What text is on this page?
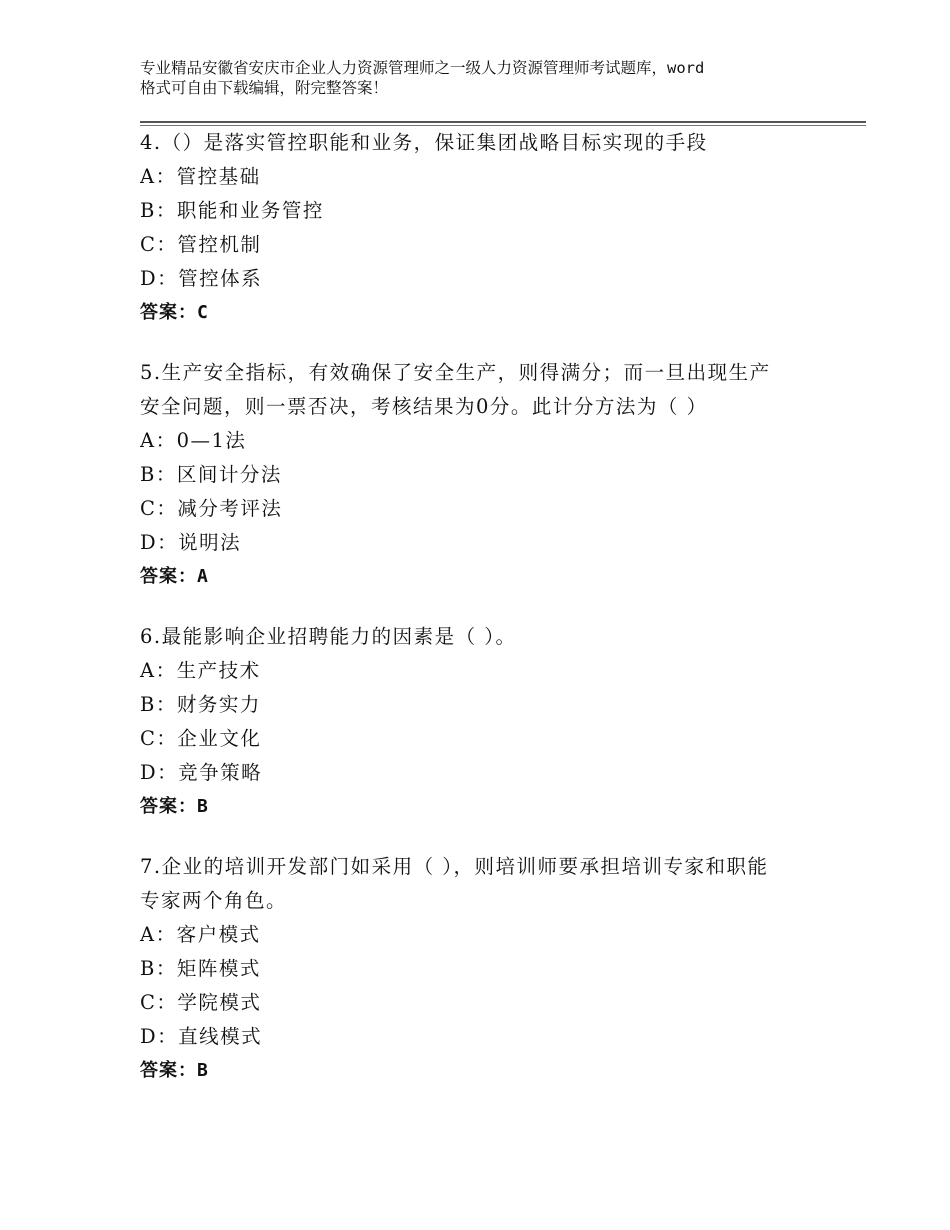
专业精品安徽省安庆市企业人力资源管理师之一级人力资源管理师考试题库，word
格式可自由下载编辑，附完整答案！
4.（）是落实管控职能和业务，保证集团战略目标实现的手段
A：管控基础
B：职能和业务管控
C：管控机制
D：管控体系
答案：C
5.生产安全指标，有效确保了安全生产，则得满分；而一旦出现生产
安全问题，则一票否决，考核结果为0分。此计分方法为（ ）
A：0—1法
B：区间计分法
C：减分考评法
D：说明法
答案：A
6.最能影响企业招聘能力的因素是（ ）。
A：生产技术
B：财务实力
C：企业文化
D：竞争策略
答案：B
7.企业的培训开发部门如采用（ ），则培训师要承担培训专家和职能
专家两个角色。
A：客户模式
B：矩阵模式
C：学院模式
D：直线模式
答案：B
